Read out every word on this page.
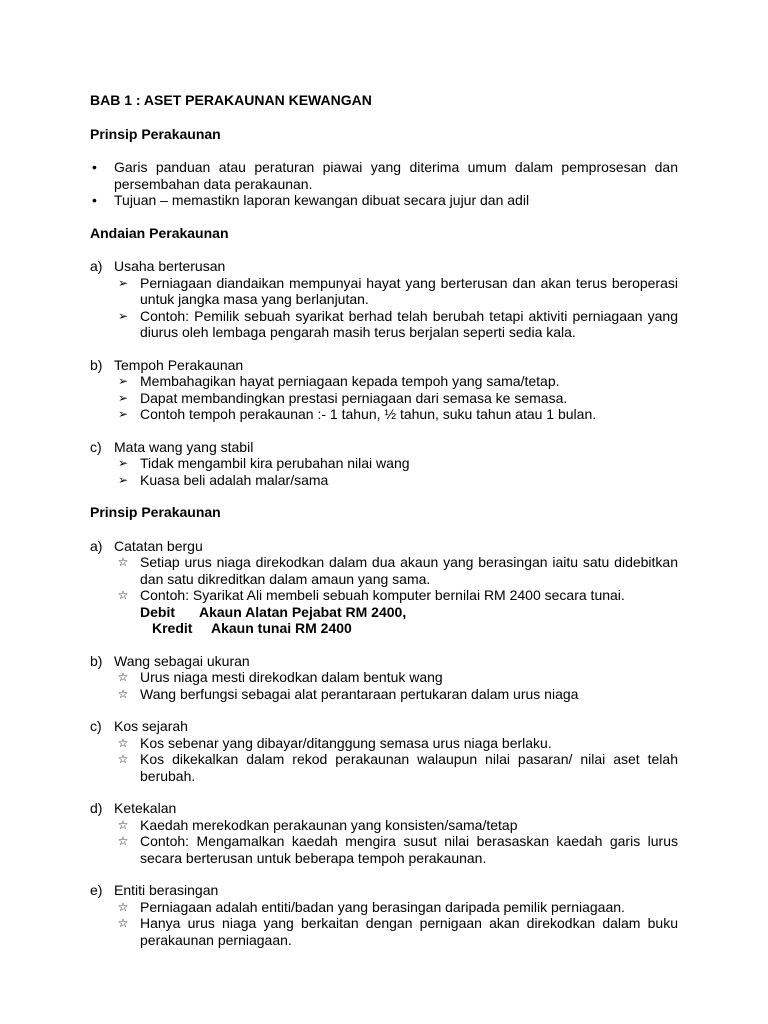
BAB 1 : ASET PERAKAUNAN KEWANGAN

Prinsip Perakaunan

• Garis panduan atau peraturan piawai yang diterima umum dalam pemprosesan dan persembahan data perakaunan.
• Tujuan – memastikn laporan kewangan dibuat secara jujur dan adil

Andaian Perakaunan

a) Usaha berterusan
➢ Perniagaan diandaikan mempunyai hayat yang berterusan dan akan terus beroperasi untuk jangka masa yang berlanjutan.
➢ Contoh: Pemilik sebuah syarikat berhad telah berubah tetapi aktiviti perniagaan yang diurus oleh lembaga pengarah masih terus berjalan seperti sedia kala.
b) Tempoh Perakaunan
➢ Membahagikan hayat perniagaan kepada tempoh yang sama/tetap.
➢ Dapat membandingkan prestasi perniagaan dari semasa ke semasa.
➢ Contoh tempoh perakaunan :- 1 tahun, ½ tahun, suku tahun atau 1 bulan.
c) Mata wang yang stabil
➢ Tidak mengambil kira perubahan nilai wang
➢ Kuasa beli adalah malar/sama

Prinsip Perakaunan

a) Catatan bergu
☆ Setiap urus niaga direkodkan dalam dua akaun yang berasingan iaitu satu didebitkan dan satu dikreditkan dalam amaun yang sama.
☆ Contoh: Syarikat Ali membeli sebuah komputer bernilai RM 2400 secara tunai.
Debit	Akaun Alatan Pejabat RM 2400,
Kredit	Akaun tunai RM 2400
b) Wang sebagai ukuran
☆ Urus niaga mesti direkodkan dalam bentuk wang
☆ Wang berfungsi sebagai alat perantaraan pertukaran dalam urus niaga
c) Kos sejarah
☆ Kos sebenar yang dibayar/ditanggung semasa urus niaga berlaku.
☆ Kos dikekalkan dalam rekod perakaunan walaupun nilai pasaran/ nilai aset telah berubah.
d) Ketekalan
☆ Kaedah merekodkan perakaunan yang konsisten/sama/tetap
☆ Contoh: Mengamalkan kaedah mengira susut nilai berasaskan kaedah garis lurus secara berterusan untuk beberapa tempoh perakaunan.
e) Entiti berasingan
☆ Perniagaan adalah entiti/badan yang berasingan daripada pemilik perniagaan.
☆ Hanya urus niaga yang berkaitan dengan pernigaan akan direkodkan dalam buku perakaunan perniagaan.
